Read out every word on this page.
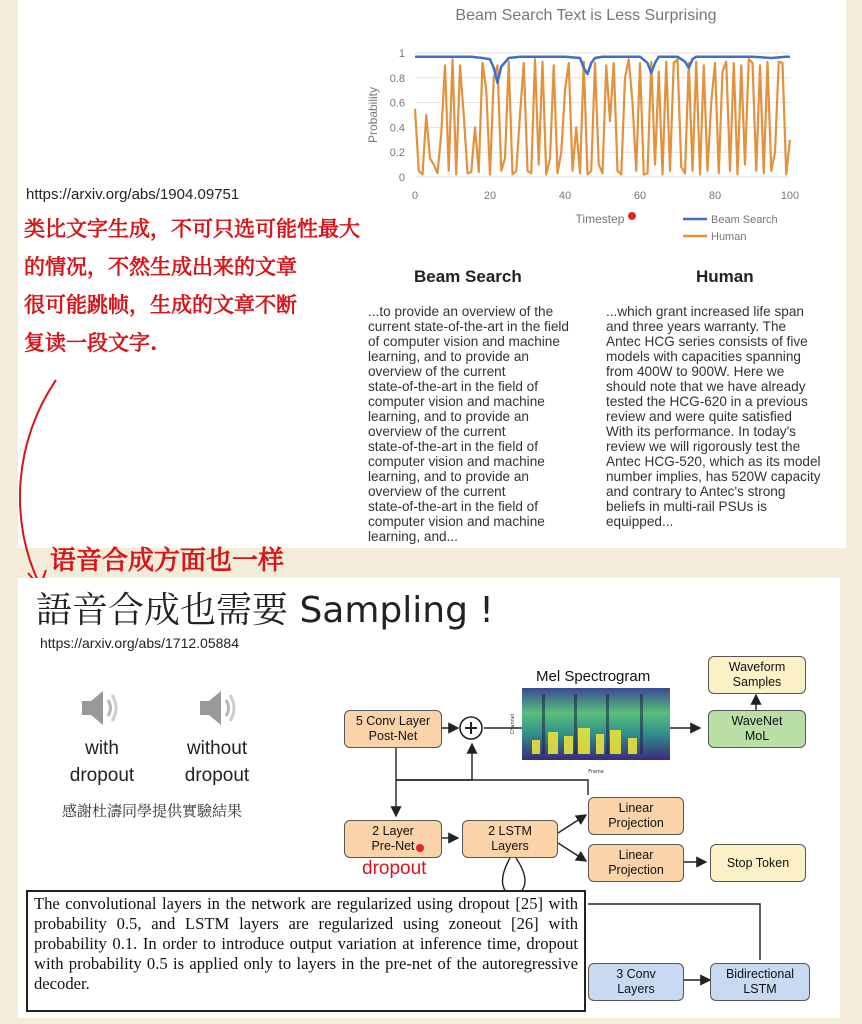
0
0.2
0.4
0.6
0.8
1
0	20	40	60	80	100
Beam Search Text is Less Surprising
Probability
Timestep	Beam Search
Human
https://arxiv.org/abs/1904.09751
类比文字生成，不可只选可能性最大
的情况，不然生成出来的文章
很可能跳帧，生成的文章不断
复读一段文字.
Beam Search	Human
...to provide an overview of the
current state-of-the-art in the field
of computer vision and machine
learning, and to provide an
overview of the current
state-of-the-art in the field of
computer vision and machine
learning, and to provide an
overview of the current
state-of-the-art in the field of
computer vision and machine
learning, and to provide an
overview of the current
state-of-the-art in the field of
computer vision and machine
learning, and...
...which grant increased life span
and three years warranty. The
Antec HCG series consists of five
models with capacities spanning
from 400W to 900W. Here we
should note that we have already
tested the HCG-620 in a previous
review and were quite satisfied
With its performance. In today's
review we will rigorously test the
Antec HCG-520, which as its model
number implies, has 520W capacity
and contrary to Antec's strong
beliefs in multi-rail PSUs is
equipped...
语音合成方面也一样
語音合成也需要 Sampling !
https://arxiv.org/abs/1712.05884
with
dropout
without
dropout
感謝杜濤同學提供實驗結果
Mel Spectrogram
Channel
Frame
Waveform
Samples
WaveNet
MoL
5 Conv Layer
Post-Net
2 Layer
Pre-Net
2 LSTM
Layers
Linear
Projection
Linear
Projection
Stop Token
3 Conv
Layers
Bidirectional
LSTM
dropout
The convolutional layers in the network are regularized using dropout [25] with probability 0.5, and LSTM layers are regularized using zoneout [26] with probability 0.1. In order to introduce output variation at inference time, dropout with probability 0.5 is applied only to layers in the pre-net of the autoregressive decoder.
